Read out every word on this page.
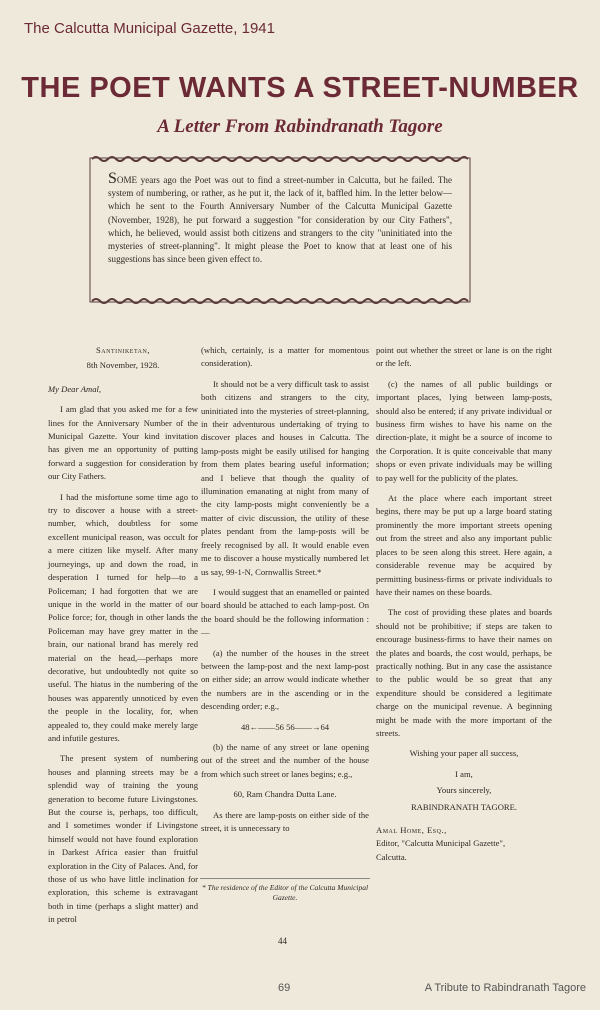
The Calcutta Municipal Gazette, 1941
THE POET WANTS A STREET-NUMBER
A Letter From Rabindranath Tagore
SOME years ago the Poet was out to find a street-number in Calcutta, but he failed. The system of numbering, or rather, as he put it, the lack of it, baffled him. In the letter below—which he sent to the Fourth Anniversary Number of the Calcutta Municipal Gazette (November, 1928), he put forward a suggestion "for consideration by our City Fathers", which, he believed, would assist both citizens and strangers to the city "uninitiated into the mysteries of street-planning". It might please the Poet to know that at least one of his suggestions has since been given effect to.

Santiniketan,

8th November, 1928.

My Dear Amal,

I am glad that you asked me for a few lines for the Anniversary Number of the Municipal Gazette. Your kind invitation has given me an opportunity of putting forward a suggestion for consideration by our City Fathers.

I had the misfortune some time ago to try to discover a house with a street-number, which, doubtless for some excellent municipal reason, was occult for a mere citizen like myself. After many journeyings, up and down the road, in desperation I turned for help—to a Policeman; I had forgotten that we are unique in the world in the matter of our Police force; for, though in other lands the Policeman may have grey matter in the brain, our national brand has merely red material on the head,—perhaps more decorative, but undoubtedly not quite so useful. The hiatus in the numbering of the houses was apparently unnoticed by even the people in the locality, for, when appealed to, they could make merely large and infutile gestures.

The present system of numbering houses and planning streets may be a splendid way of training the young generation to become future Livingstones. But the course is, perhaps, too difficult, and I sometimes wonder if Livingstone himself would not have found exploration in Darkest Africa easier than fruitful exploration in the City of Palaces. And, for those of us who have little inclination for exploration, this scheme is extravagant both in time (perhaps a slight matter) and in petrol

(which, certainly, is a matter for momentous consideration).

It should not be a very difficult task to assist both citizens and strangers to the city, uninitiated into the mysteries of street-planning, in their adventurous undertaking of trying to discover places and houses in Calcutta. The lamp-posts might be easily utilised for hanging from them plates bearing useful information; and I believe that though the quality of illumination emanating at night from many of the city lamp-posts might conveniently be a matter of civic discussion, the utility of these plates pendant from the lamp-posts will be freely recognised by all. It would enable even me to discover a house mystically numbered let us say, 99-1-N, Cornwallis Street.*

I would suggest that an enamelled or painted board should be attached to each lamp-post. On the board should be the following information :—

(a) the number of the houses in the street between the lamp-post and the next lamp-post on either side; an arrow would indicate whether the numbers are in the ascending or in the descending order; e.g.,

48←——56 56——→64

(b) the name of any street or lane opening out of the street and the number of the house from which such street or lanes begins; e.g.,

60, Ram Chandra Dutta Lane.

As there are lamp-posts on either side of the street, it is unnecessary to

point out whether the street or lane is on the right or the left.

(c) the names of all public buildings or important places, lying between lamp-posts, should also be entered; if any private individual or business firm wishes to have his name on the direction-plate, it might be a source of income to the Corporation. It is quite conceivable that many shops or even private individuals may be willing to pay well for the publicity of the plates.

At the place where each important street begins, there may be put up a large board stating prominently the more important streets opening out from the street and also any important public places to be seen along this street. Here again, a considerable revenue may be acquired by permitting business-firms or private individuals to have their names on these boards.

The cost of providing these plates and boards should not be prohibitive; if steps are taken to encourage business-firms to have their names on the plates and boards, the cost would, perhaps, be practically nothing. But in any case the assistance to the public would be so great that any expenditure should be considered a legitimate charge on the municipal revenue. A beginning might be made with the more important of the streets.

Wishing your paper all success,

I am,

Yours sincerely,

RABINDRANATH TAGORE.

Amal Home, Esq.,

Editor, "Calcutta Municipal Gazette",

Calcutta.

* The residence of the Editor of the Calcutta Municipal Gazette.
44
69	A Tribute to Rabindranath Tagore
